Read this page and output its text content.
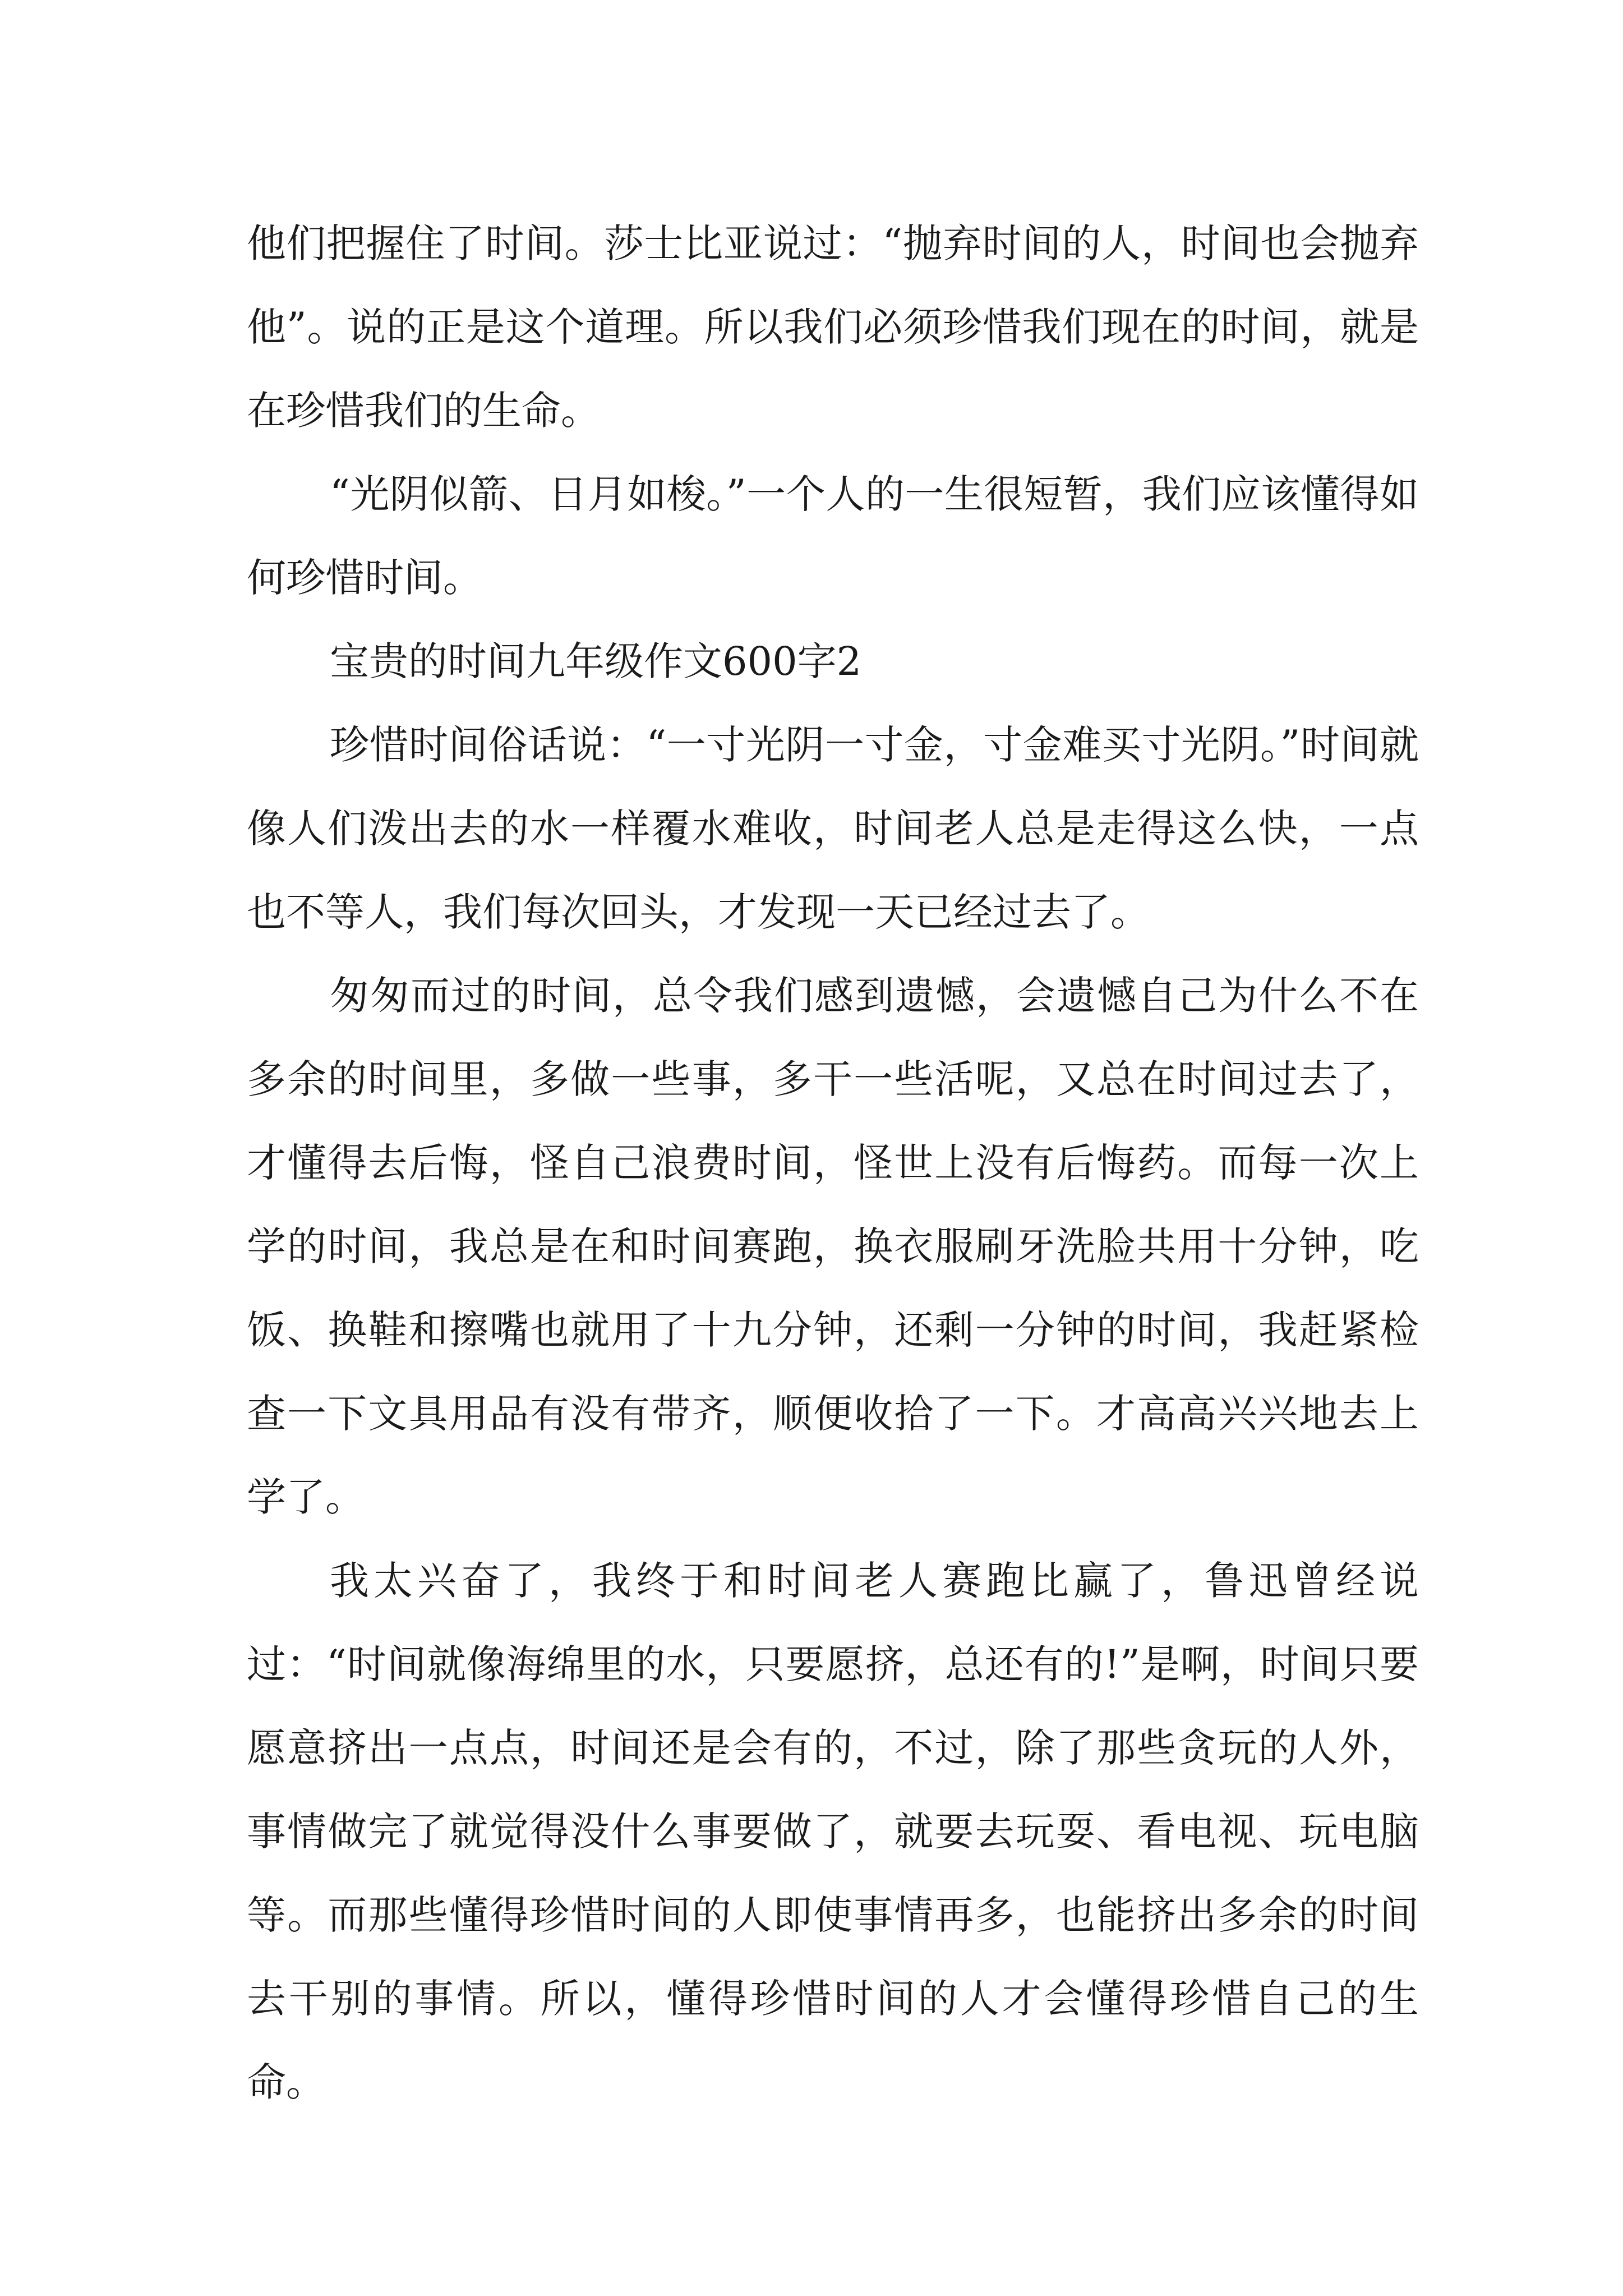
他们把握住了时间。莎士比亚说过：“抛弃时间的人，时间也会抛弃他”。说的正是这个道理。所以我们必须珍惜我们现在的时间，就是在珍惜我们的生命。

“光阴似箭、日月如梭。”一个人的一生很短暂，我们应该懂得如何珍惜时间。

宝贵的时间九年级作文600字2

珍惜时间俗话说：“一寸光阴一寸金，寸金难买寸光阴。”时间就像人们泼出去的水一样覆水难收，时间老人总是走得这么快，一点也不等人，我们每次回头，才发现一天已经过去了。

匆匆而过的时间，总令我们感到遗憾，会遗憾自己为什么不在多余的时间里，多做一些事，多干一些活呢，又总在时间过去了，才懂得去后悔，怪自己浪费时间，怪世上没有后悔药。而每一次上学的时间，我总是在和时间赛跑，换衣服刷牙洗脸共用十分钟，吃饭、换鞋和擦嘴也就用了十九分钟，还剩一分钟的时间，我赶紧检查一下文具用品有没有带齐，顺便收拾了一下。才高高兴兴地去上学了。

我太兴奋了，我终于和时间老人赛跑比赢了，鲁迅曾经说过：“时间就像海绵里的水，只要愿挤，总还有的!”是啊，时间只要愿意挤出一点点，时间还是会有的，不过，除了那些贪玩的人外，事情做完了就觉得没什么事要做了，就要去玩耍、看电视、玩电脑等。而那些懂得珍惜时间的人即使事情再多，也能挤出多余的时间去干别的事情。所以，懂得珍惜时间的人才会懂得珍惜自己的生命。
